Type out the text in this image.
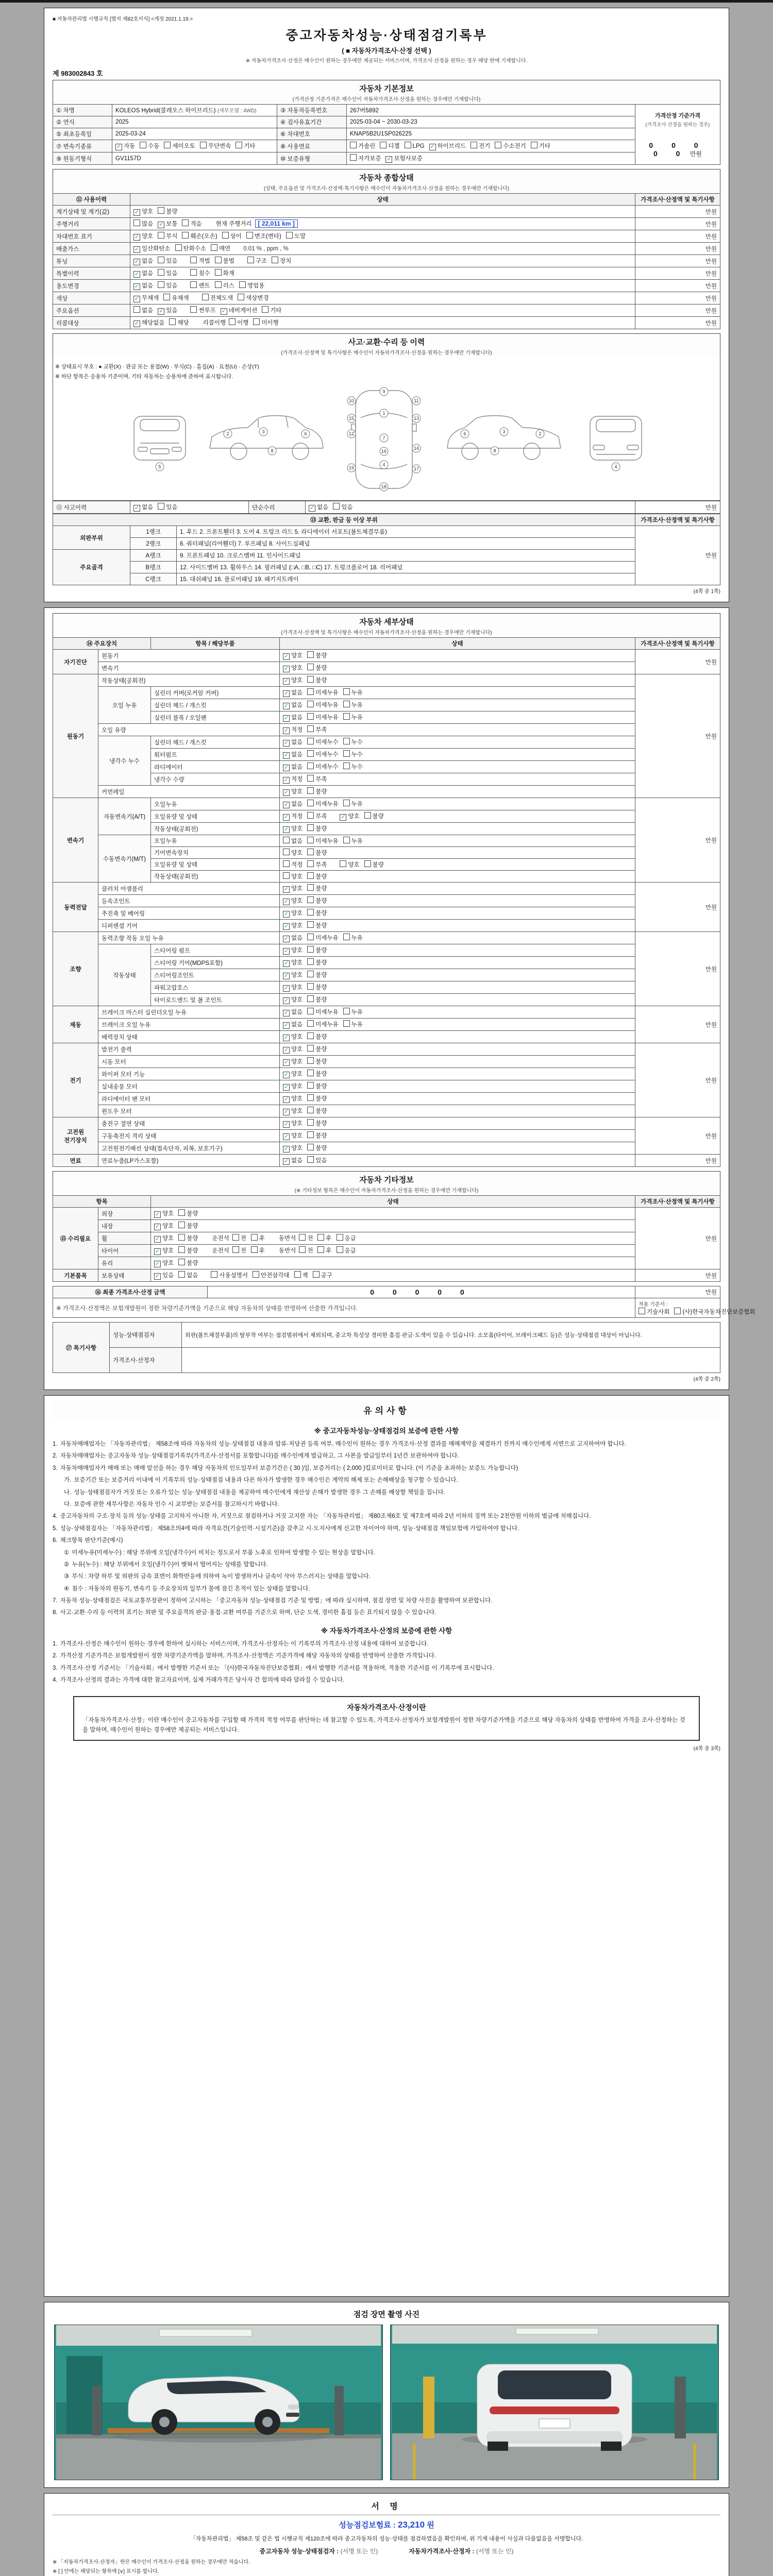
■ 자동차관리법 시행규칙 [별지 제82호서식] <개정 2021.1.19.>
중고자동차성능·상태점검기록부
( ■ 자동차가격조사·산정 선택 )
※ 자동차가격조사·산정은 매수인이 원하는 경우에만 제공되는 서비스이며, 가격조사·산정을 원하는 경우 해당 란에 기재합니다.
제 983002843 호
자동차 기본정보
(가격산정 기준가격은 매수인이 자동차가격조사·산정을 원하는 경우에만 기재합니다)
① 차명	KOLEOS Hybrid(콜레오스 하이브리드) (세부모델 : 4WD)	③ 자동차등록번호	267버5892	가격산정 기준가격
(가격조사·산정을 원하는 경우)
0 0 0 0 0 만원

② 연식	2025	④ 검사유효기간	2025-03-04 ~ 2030-03-23	
⑤ 최초등록일	2025-03-24	⑥ 차대번호	KNAP5B2U1SP026225	
⑦ 변속기종류	✓ 자동 수동 세미오토 무단변속 기타	⑧ 사용연료	가솔린 디젤 LPG ✓ 하이브리드 전기 수소전기 기타	
⑨ 원동기형식	GV1157D	⑩ 보증유형	자가보증 ✓ 보험사보증	
자동차 종합상태
(상태, 주요옵션 및 가격조사·산정액·특기사항은 매수인이 자동차가격조사·산정을 원하는 경우에만 기재합니다)
⑪ 사용이력	상태	가격조사·산정액 및 특기사항
계기상태 및 계기(값)	✓ 양호 불량	만원
주행거리	많음 ✓ 보통 적음 현재 주행거리 [ 22,011 km ]	만원
차대번호 표기	✓ 양호 부식 훼손(오손) 상이 변조(변타) 도말	만원
배출가스	✓ 일산화탄소 탄화수소 매연 0.01 % , ppm , %	만원
튜닝	✓ 없음 있음 적법 불법 구조 장치	만원
특별이력	✓ 없음 있음 침수 화재	만원
용도변경	✓ 없음 있음 렌트 리스 영업용	만원
색상	✓ 무채색 유채색 전체도색 색상변경	만원
주요옵션	없음 ✓ 있음 썬루프 ✓ 네비게이션 기타	만원
리콜대상	✓ 해당없음 해당 리콜이행 이행 미이행	만원
사고·교환·수리 등 이력
(가격조사·산정액 및 특기사항은 매수인이 자동차가격조사·산정을 원하는 경우에만 기재합니다)
※ 상태표시 부호 : ● 교환(X) · 판금 또는 용접(W) · 부식(C) · 흠집(A) · 요철(U) · 손상(T)
※ 하단 항목은 승용차 기준이며, 기타 자동차는 승용차에 준하여 표시합니다.
5
2	3	6
8
9
10	11
1
15	13
7
12
14
16
4
19	17
18
6	3	2
8
4
⑫ 사고이력	✓ 없음 있음	단순수리	✓ 없음 있음	만원
⑬ 교환, 판금 등 이상 부위			가격조사·산정액 및 특기사항
외판부위	1랭크	1. 후드 2. 프론트휀더 3. 도어 4. 트렁크 리드 5. 라디에이터 서포트(볼트체결부품)	만원
	2랭크	6. 쿼터패널(리어휀더) 7. 루프패널 8. 사이드실패널	
주요골격	A랭크	9. 프론트패널 10. 크로스멤버 11. 인사이드패널	
	B랭크	12. 사이드멤버 13. 휠하우스 14. 필러패널 (□A, □B, □C) 17. 트렁크플로어 18. 리어패널	
	C랭크	15. 대쉬패널 16. 플로어패널 19. 패키지트레이	
(4쪽 중 1쪽)
자동차 세부상태
(가격조사·산정액 및 특기사항은 매수인이 자동차가격조사·산정을 원하는 경우에만 기재합니다)
⑭ 주요장치		항목 / 해당부품	상태	가격조사·산정액 및 특기사항
자기진단	원동기		✓ 양호 불량	만원
	변속기		✓ 양호 불량	
원동기	작동상태(공회전)		✓ 양호 불량	만원
	오일 누유	실린더 커버(로커암 커버)	✓ 없음 미세누유 누유	
		실린더 헤드 / 개스킷	✓ 없음 미세누유 누유	
		실린더 블록 / 오일팬	✓ 없음 미세누유 누유	
	오일 유량		✓ 적정 부족	
	냉각수 누수	실린더 헤드 / 개스킷	✓ 없음 미세누수 누수	
		워터펌프	✓ 없음 미세누수 누수	
		라디에이터	✓ 없음 미세누수 누수	
		냉각수 수량	✓ 적정 부족	
	커먼레일		✓ 양호 불량	
변속기	자동변속기(A/T)	오일누유	✓ 없음 미세누유 누유	만원
		오일유량 및 상태	✓ 적정 부족 ✓ 양호 불량	
		작동상태(공회전)	✓ 양호 불량	
	수동변속기(M/T)	오일누유	없음 미세누유 누유	
		기어변속장치	양호 불량	
		오일유량 및 상태	적정 부족 양호 불량	
		작동상태(공회전)	양호 불량	
동력전달	클러치 어셈블리		✓ 양호 불량	만원
	등속조인트		✓ 양호 불량	
	추진축 및 베어링		✓ 양호 불량	
	디퍼렌셜 기어		✓ 양호 불량	
조향	동력조향 작동 오일 누유		✓ 없음 미세누유 누유	만원
	작동상태	스티어링 펌프	✓ 양호 불량	
		스티어링 기어(MDPS포함)	✓ 양호 불량	
		스티어링조인트	✓ 양호 불량	
		파워고압호스	✓ 양호 불량	
		타이로드엔드 및 볼 조인트	✓ 양호 불량	
제동	브레이크 마스터 실린더오일 누유		✓ 없음 미세누유 누유	만원
	브레이크 오일 누유		✓ 없음 미세누유 누유	
	배력장치 상태		✓ 양호 불량	
전기	발전기 출력		✓ 양호 불량	만원
	시동 모터		✓ 양호 불량	
	와이퍼 모터 기능		✓ 양호 불량	
	실내송풍 모터		✓ 양호 불량	
	라디에이터 팬 모터		✓ 양호 불량	
	윈도우 모터		✓ 양호 불량	
고전원 전기장치	충전구 절연 상태		✓ 양호 불량	만원
	구동축전지 격리 상태		✓ 양호 불량	
	고전원전기배선 상태(접속단자, 피복, 보호기구)		✓ 양호 불량	
연료	연료누출(LP가스포함)		✓ 없음 있음	만원
자동차 기타정보
(※ 기타정보 항목은 매수인이 자동차가격조사·산정을 원하는 경우에만 기재합니다)
항목		상태	가격조사·산정액 및 특기사항
⑮ 수리필요	외장	✓ 양호 불량	만원
	내장	✓ 양호 불량	
	휠	✓ 양호 불량 운전석 전 후 동반석 전 후 응급	
	타이어	✓ 양호 불량 운전석 전 후 동반석 전 후 응급	
	유리	✓ 양호 불량	
기본품목	보유상태	✓ 있음 없음 사용설명서 안전삼각대 잭 공구	만원
⑯ 최종 가격조사·산정 금액	0 0 0 0 0	만원
※ 가격조사·산정액은 보험개발원이 정한 차량기준가액을 기준으로 해당 자동차의 상태를 반영하여 산출한 가격입니다.		적용 기준서 :기술사회 (사)한국자동차진단보증협회
⑰ 특기사항	성능·상태점검자	외판(볼트체결부품)의 탈부착 여부는 점검범위에서 제외되며, 중고차 특성상 경미한 흠집·판금·도색이 있을 수 있습니다. 소모품(타이어, 브레이크패드 등)은 성능·상태점검 대상이 아닙니다.
	가격조사·산정자	
(4쪽 중 2쪽)
유의사항
※ 중고자동차성능·상태점검의 보증에 관한 사항
1. 자동차매매업자는 「자동차관리법」 제58조에 따라 자동차의 성능·상태점검 내용과 압류·저당권 등록 여부, 매수인이 원하는 경우 가격조사·산정 결과를 매매계약을 체결하기 전까지 매수인에게 서면으로 고지하여야 합니다.
2. 자동차매매업자는 중고자동차 성능·상태점검기록부(가격조사·산정서를 포함합니다)를 매수인에게 발급하고, 그 사본을 발급일부터 1년간 보관하여야 합니다.
3. 자동차매매업자가 매매 또는 매매 알선을 하는 경우 해당 자동차의 인도일부터 보증기간은 ( 30 )일, 보증거리는 ( 2,000 )킬로미터로 합니다. (이 기준을 초과하는 보증도 가능합니다)
가. 보증기간 또는 보증거리 이내에 이 기록부의 성능·상태점검 내용과 다른 하자가 발생한 경우 매수인은 계약의 해제 또는 손해배상을 청구할 수 있습니다.
나. 성능·상태점검자가 거짓 또는 오류가 있는 성능·상태점검 내용을 제공하여 매수인에게 재산상 손해가 발생한 경우 그 손해를 배상할 책임을 집니다.
다. 보증에 관한 세부사항은 자동차 인수 시 교부받는 보증서를 참고하시기 바랍니다.
4. 중고자동차의 구조·장치 등의 성능·상태를 고지하지 아니한 자, 거짓으로 점검하거나 거짓 고지한 자는 「자동차관리법」 제80조제6호 및 제7호에 따라 2년 이하의 징역 또는 2천만원 이하의 벌금에 처해집니다.
5. 성능·상태점검자는 「자동차관리법」 제58조의4에 따라 자격요건(기술인력·시설기준)을 갖추고 시·도지사에게 신고한 자이어야 하며, 성능·상태점검 책임보험에 가입하여야 합니다.
6. 체크항목 판단기준(예시)
① 미세누유(미세누수) : 해당 부위에 오일(냉각수)이 비치는 정도로서 부품 노후로 인하여 발생할 수 있는 현상을 말합니다.
② 누유(누수) : 해당 부위에서 오일(냉각수)이 맺혀서 떨어지는 상태를 말합니다.
③ 부식 : 차량 하부 및 외판의 금속 표면이 화학반응에 의하여 녹이 발생하거나 금속이 삭아 부스러지는 상태를 말합니다.
④ 침수 : 자동차의 원동기, 변속기 등 주요장치의 일부가 물에 잠긴 흔적이 있는 상태를 말합니다.
7. 자동차 성능·상태점검은 국토교통부장관이 정하여 고시하는 「중고자동차 성능·상태점검 기준 및 방법」에 따라 실시하며, 점검 장면 및 차량 사진을 촬영하여 보관합니다.
8. 사고·교환·수리 등 이력의 표기는 외판 및 주요골격의 판금·용접·교환 여부를 기준으로 하며, 단순 도색, 경미한 흠집 등은 표기되지 않을 수 있습니다.
※ 자동차가격조사·산정의 보증에 관한 사항
1. 가격조사·산정은 매수인이 원하는 경우에 한하여 실시하는 서비스이며, 가격조사·산정자는 이 기록부의 가격조사·산정 내용에 대하여 보증합니다.
2. 가격산정 기준가격은 보험개발원이 정한 차량기준가액을 말하며, 가격조사·산정액은 기준가격에 해당 자동차의 상태를 반영하여 산출한 가격입니다.
3. 가격조사·산정 기준서는 「기술사회」에서 발행한 기준서 또는 「(사)한국자동차진단보증협회」에서 발행한 기준서를 적용하며, 적용한 기준서를 이 기록부에 표시합니다.
4. 가격조사·산정의 결과는 가격에 대한 참고자료이며, 실제 거래가격은 당사자 간 합의에 따라 달라질 수 있습니다.
자동차가격조사·산정이란
「자동차가격조사·산정」이란 매수인이 중고자동차를 구입할 때 가격의 적정 여부를 판단하는 데 참고할 수 있도록, 가격조사·산정자가 보험개발원이 정한 차량기준가액을 기준으로 해당 자동차의 상태를 반영하여 가격을 조사·산정하는 것을 말하며, 매수인이 원하는 경우에만 제공되는 서비스입니다.
(4쪽 중 3쪽)
점검 장면 촬영 사진
서 명
성능점검보험료 : 23,210 원
「자동차관리법」 제58조 및 같은 법 시행규칙 제120조에 따라 중고자동차의 성능·상태를 점검하였음을 확인하며, 위 기재 내용이 사실과 다름없음을 서명합니다.
중고자동차 성능·상태점검자 : (서명 또는 인)	자동차가격조사·산정자 : (서명 또는 인)
※ 「자동차가격조사·산정자」란은 매수인이 가격조사·산정을 원하는 경우에만 적습니다.
※ [ ] 안에는 해당되는 항목에 [∨] 표시를 합니다.
